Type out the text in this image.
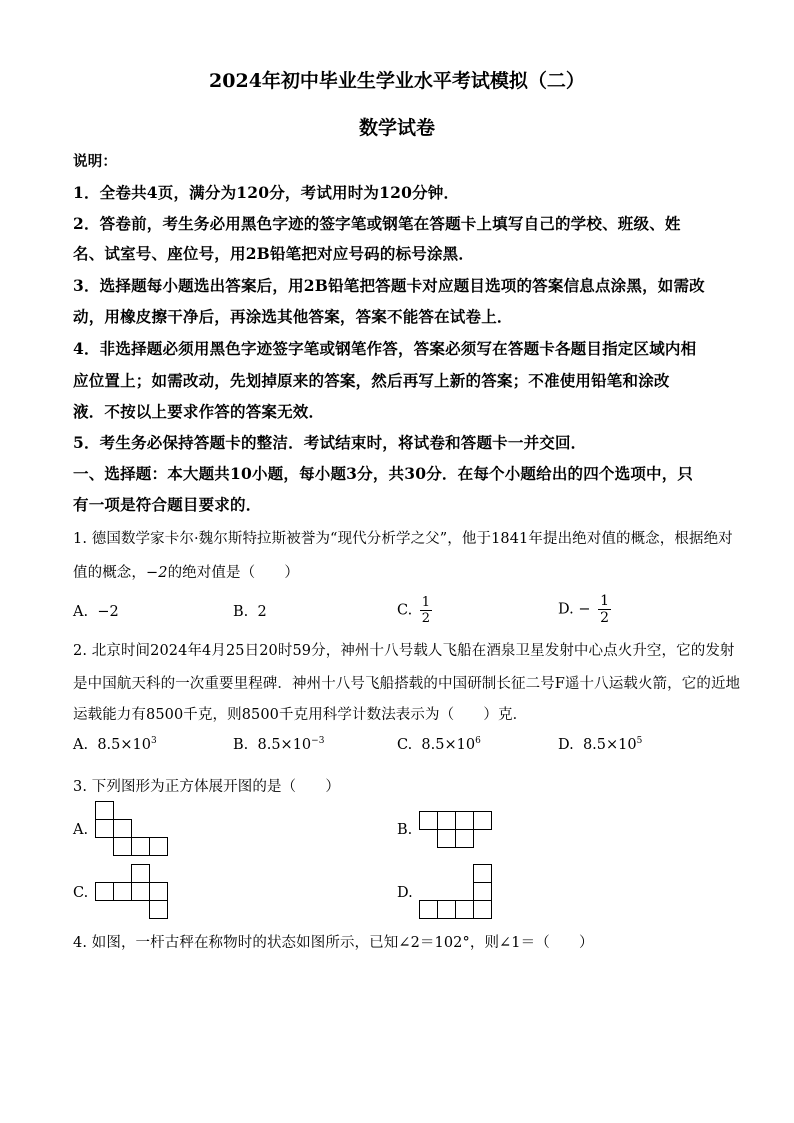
2024年初中毕业生学业水平考试模拟（二）
数学试卷
说明：
1．全卷共4页，满分为120分，考试用时为120分钟．
2．答卷前，考生务必用黑色字迹的签字笔或钢笔在答题卡上填写自己的学校、班级、姓
名、试室号、座位号，用2B铅笔把对应号码的标号涂黑．
3．选择题每小题选出答案后，用2B铅笔把答题卡对应题目选项的答案信息点涂黑，如需改
动，用橡皮擦干净后，再涂选其他答案，答案不能答在试卷上．
4．非选择题必须用黑色字迹签字笔或钢笔作答，答案必须写在答题卡各题目指定区域内相
应位置上；如需改动，先划掉原来的答案，然后再写上新的答案；不准使用铅笔和涂改
液．不按以上要求作答的答案无效．
5．考生务必保持答题卡的整洁．考试结束时，将试卷和答题卡一并交回．
一、选择题：本大题共10小题，每小题3分，共30分．在每个小题给出的四个选项中，只
有一项是符合题目要求的．
1. 德国数学家卡尔·魏尔斯特拉斯被誉为“现代分析学之父”，他于1841年提出绝对值的概念，根据绝对
值的概念，−2的绝对值是（　　）
A. −2	B. 2	C. $\frac{1}{2}$	D. − $\frac{1}{2}$
2. 北京时间2024年4月25日20时59分，神州十八号载人飞船在酒泉卫星发射中心点火升空，它的发射
是中国航天科的一次重要里程碑．神州十八号飞船搭载的中国研制长征二号F遥十八运载火箭，它的近地
运载能力有8500千克，则8500千克用科学计数法表示为（　　）克．
A. $8.5\times 10^3$	B. $8.5\times 10^{-3}$	C. $8.5\times 10^6$	D. $8.5\times 10^5$
3. 下列图形为正方体展开图的是（　　）
A.	B.
C.	D.
4. 如图，一杆古秤在称物时的状态如图所示，已知∠2＝102°，则∠1＝（　　）
